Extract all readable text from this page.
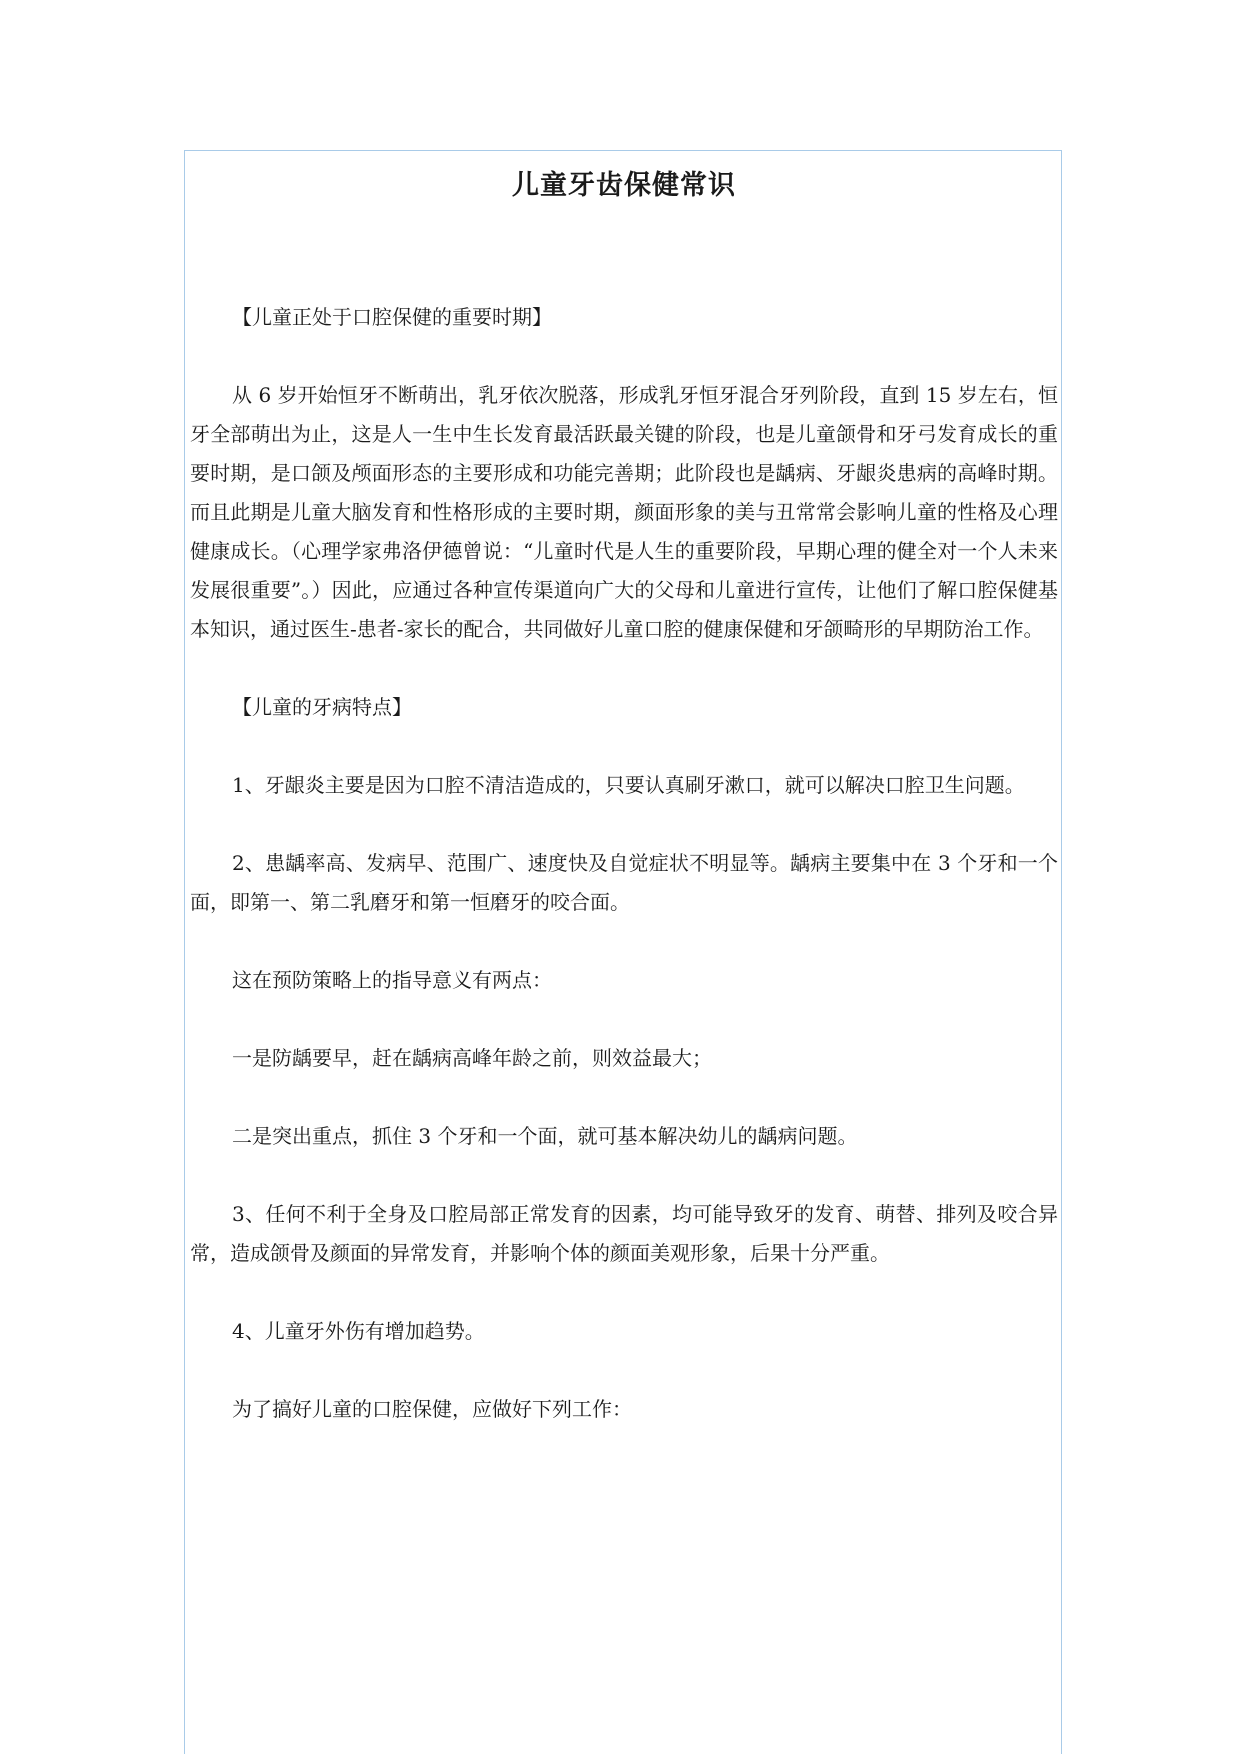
儿童牙齿保健常识

【儿童正处于口腔保健的重要时期】

从 6 岁开始恒牙不断萌出，乳牙依次脱落，形成乳牙恒牙混合牙列阶段，直到 15 岁左右，恒牙全部萌出为止，这是人一生中生长发育最活跃最关键的阶段，也是儿童颌骨和牙弓发育成长的重要时期，是口颌及颅面形态的主要形成和功能完善期；此阶段也是龋病、牙龈炎患病的高峰时期。而且此期是儿童大脑发育和性格形成的主要时期，颜面形象的美与丑常常会影响儿童的性格及心理健康成长。（心理学家弗洛伊德曾说：“儿童时代是人生的重要阶段，早期心理的健全对一个人未来发展很重要”。）因此，应通过各种宣传渠道向广大的父母和儿童进行宣传，让他们了解口腔保健基本知识，通过医生-患者-家长的配合，共同做好儿童口腔的健康保健和牙颌畸形的早期防治工作。

【儿童的牙病特点】

1、牙龈炎主要是因为口腔不清洁造成的，只要认真刷牙漱口，就可以解决口腔卫生问题。

2、患龋率高、发病早、范围广、速度快及自觉症状不明显等。龋病主要集中在 3 个牙和一个面，即第一、第二乳磨牙和第一恒磨牙的咬合面。

这在预防策略上的指导意义有两点：

一是防龋要早，赶在龋病高峰年龄之前，则效益最大；

二是突出重点，抓住 3 个牙和一个面，就可基本解决幼儿的龋病问题。

3、任何不利于全身及口腔局部正常发育的因素，均可能导致牙的发育、萌替、排列及咬合异常，造成颌骨及颜面的异常发育，并影响个体的颜面美观形象，后果十分严重。

4、儿童牙外伤有增加趋势。

为了搞好儿童的口腔保健，应做好下列工作：
